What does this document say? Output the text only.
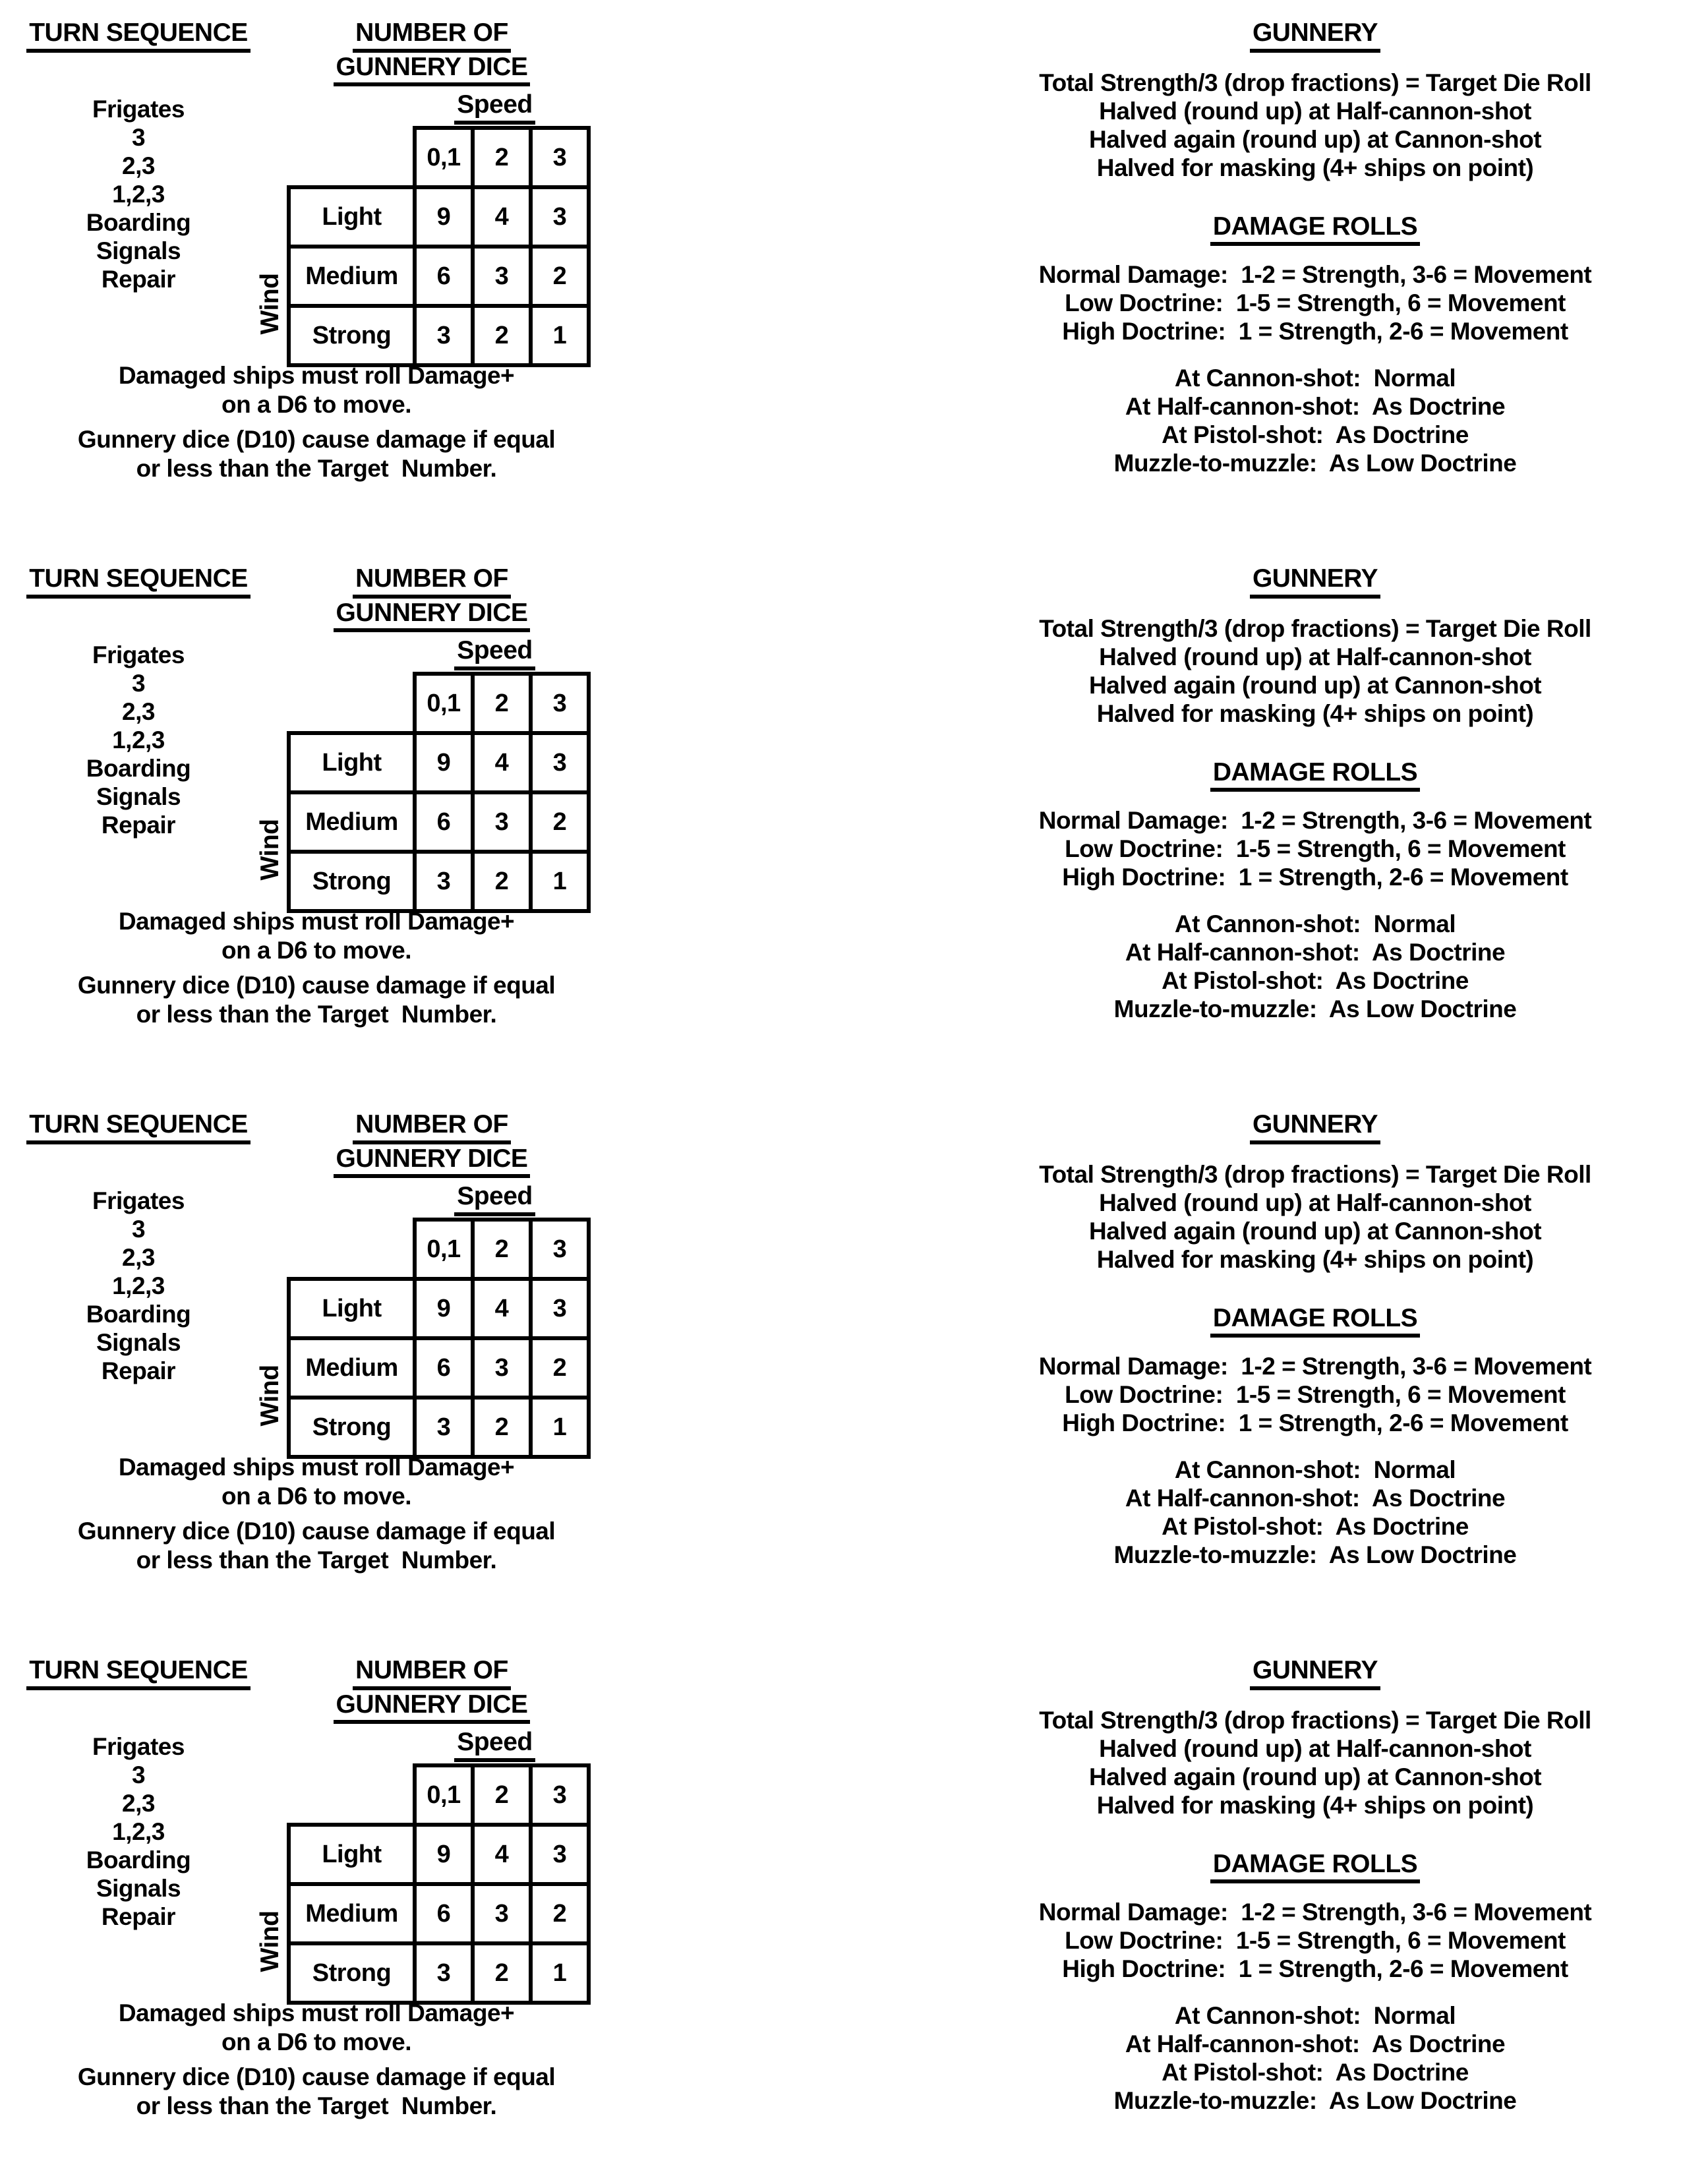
TURN SEQUENCE
Frigates
3
2,3
1,2,3
Boarding
Signals
Repair
NUMBER OF
GUNNERY DICE
Speed
Wind
	0,1	2	3
Light	9	4	3
Medium	6	3	2
Strong	3	2	1
Damaged ships must roll Damage+
on a D6 to move.
Gunnery dice (D10) cause damage if equal
or less than the Target  Number.
GUNNERY
Total Strength/3 (drop fractions) = Target Die Roll
Halved (round up) at Half-cannon-shot
Halved again (round up) at Cannon-shot
Halved for masking (4+ ships on point)
DAMAGE ROLLS
Normal Damage:  1-2 = Strength, 3-6 = Movement
Low Doctrine:  1-5 = Strength, 6 = Movement
High Doctrine:  1 = Strength, 2-6 = Movement
At Cannon-shot:  Normal
At Half-cannon-shot:  As Doctrine
At Pistol-shot:  As Doctrine
Muzzle-to-muzzle:  As Low Doctrine
TURN SEQUENCE
Frigates
3
2,3
1,2,3
Boarding
Signals
Repair
NUMBER OF
GUNNERY DICE
Speed
Wind
	0,1	2	3
Light	9	4	3
Medium	6	3	2
Strong	3	2	1
Damaged ships must roll Damage+
on a D6 to move.
Gunnery dice (D10) cause damage if equal
or less than the Target  Number.
GUNNERY
Total Strength/3 (drop fractions) = Target Die Roll
Halved (round up) at Half-cannon-shot
Halved again (round up) at Cannon-shot
Halved for masking (4+ ships on point)
DAMAGE ROLLS
Normal Damage:  1-2 = Strength, 3-6 = Movement
Low Doctrine:  1-5 = Strength, 6 = Movement
High Doctrine:  1 = Strength, 2-6 = Movement
At Cannon-shot:  Normal
At Half-cannon-shot:  As Doctrine
At Pistol-shot:  As Doctrine
Muzzle-to-muzzle:  As Low Doctrine
TURN SEQUENCE
Frigates
3
2,3
1,2,3
Boarding
Signals
Repair
NUMBER OF
GUNNERY DICE
Speed
Wind
	0,1	2	3
Light	9	4	3
Medium	6	3	2
Strong	3	2	1
Damaged ships must roll Damage+
on a D6 to move.
Gunnery dice (D10) cause damage if equal
or less than the Target  Number.
GUNNERY
Total Strength/3 (drop fractions) = Target Die Roll
Halved (round up) at Half-cannon-shot
Halved again (round up) at Cannon-shot
Halved for masking (4+ ships on point)
DAMAGE ROLLS
Normal Damage:  1-2 = Strength, 3-6 = Movement
Low Doctrine:  1-5 = Strength, 6 = Movement
High Doctrine:  1 = Strength, 2-6 = Movement
At Cannon-shot:  Normal
At Half-cannon-shot:  As Doctrine
At Pistol-shot:  As Doctrine
Muzzle-to-muzzle:  As Low Doctrine
TURN SEQUENCE
Frigates
3
2,3
1,2,3
Boarding
Signals
Repair
NUMBER OF
GUNNERY DICE
Speed
Wind
	0,1	2	3
Light	9	4	3
Medium	6	3	2
Strong	3	2	1
Damaged ships must roll Damage+
on a D6 to move.
Gunnery dice (D10) cause damage if equal
or less than the Target  Number.
GUNNERY
Total Strength/3 (drop fractions) = Target Die Roll
Halved (round up) at Half-cannon-shot
Halved again (round up) at Cannon-shot
Halved for masking (4+ ships on point)
DAMAGE ROLLS
Normal Damage:  1-2 = Strength, 3-6 = Movement
Low Doctrine:  1-5 = Strength, 6 = Movement
High Doctrine:  1 = Strength, 2-6 = Movement
At Cannon-shot:  Normal
At Half-cannon-shot:  As Doctrine
At Pistol-shot:  As Doctrine
Muzzle-to-muzzle:  As Low Doctrine
